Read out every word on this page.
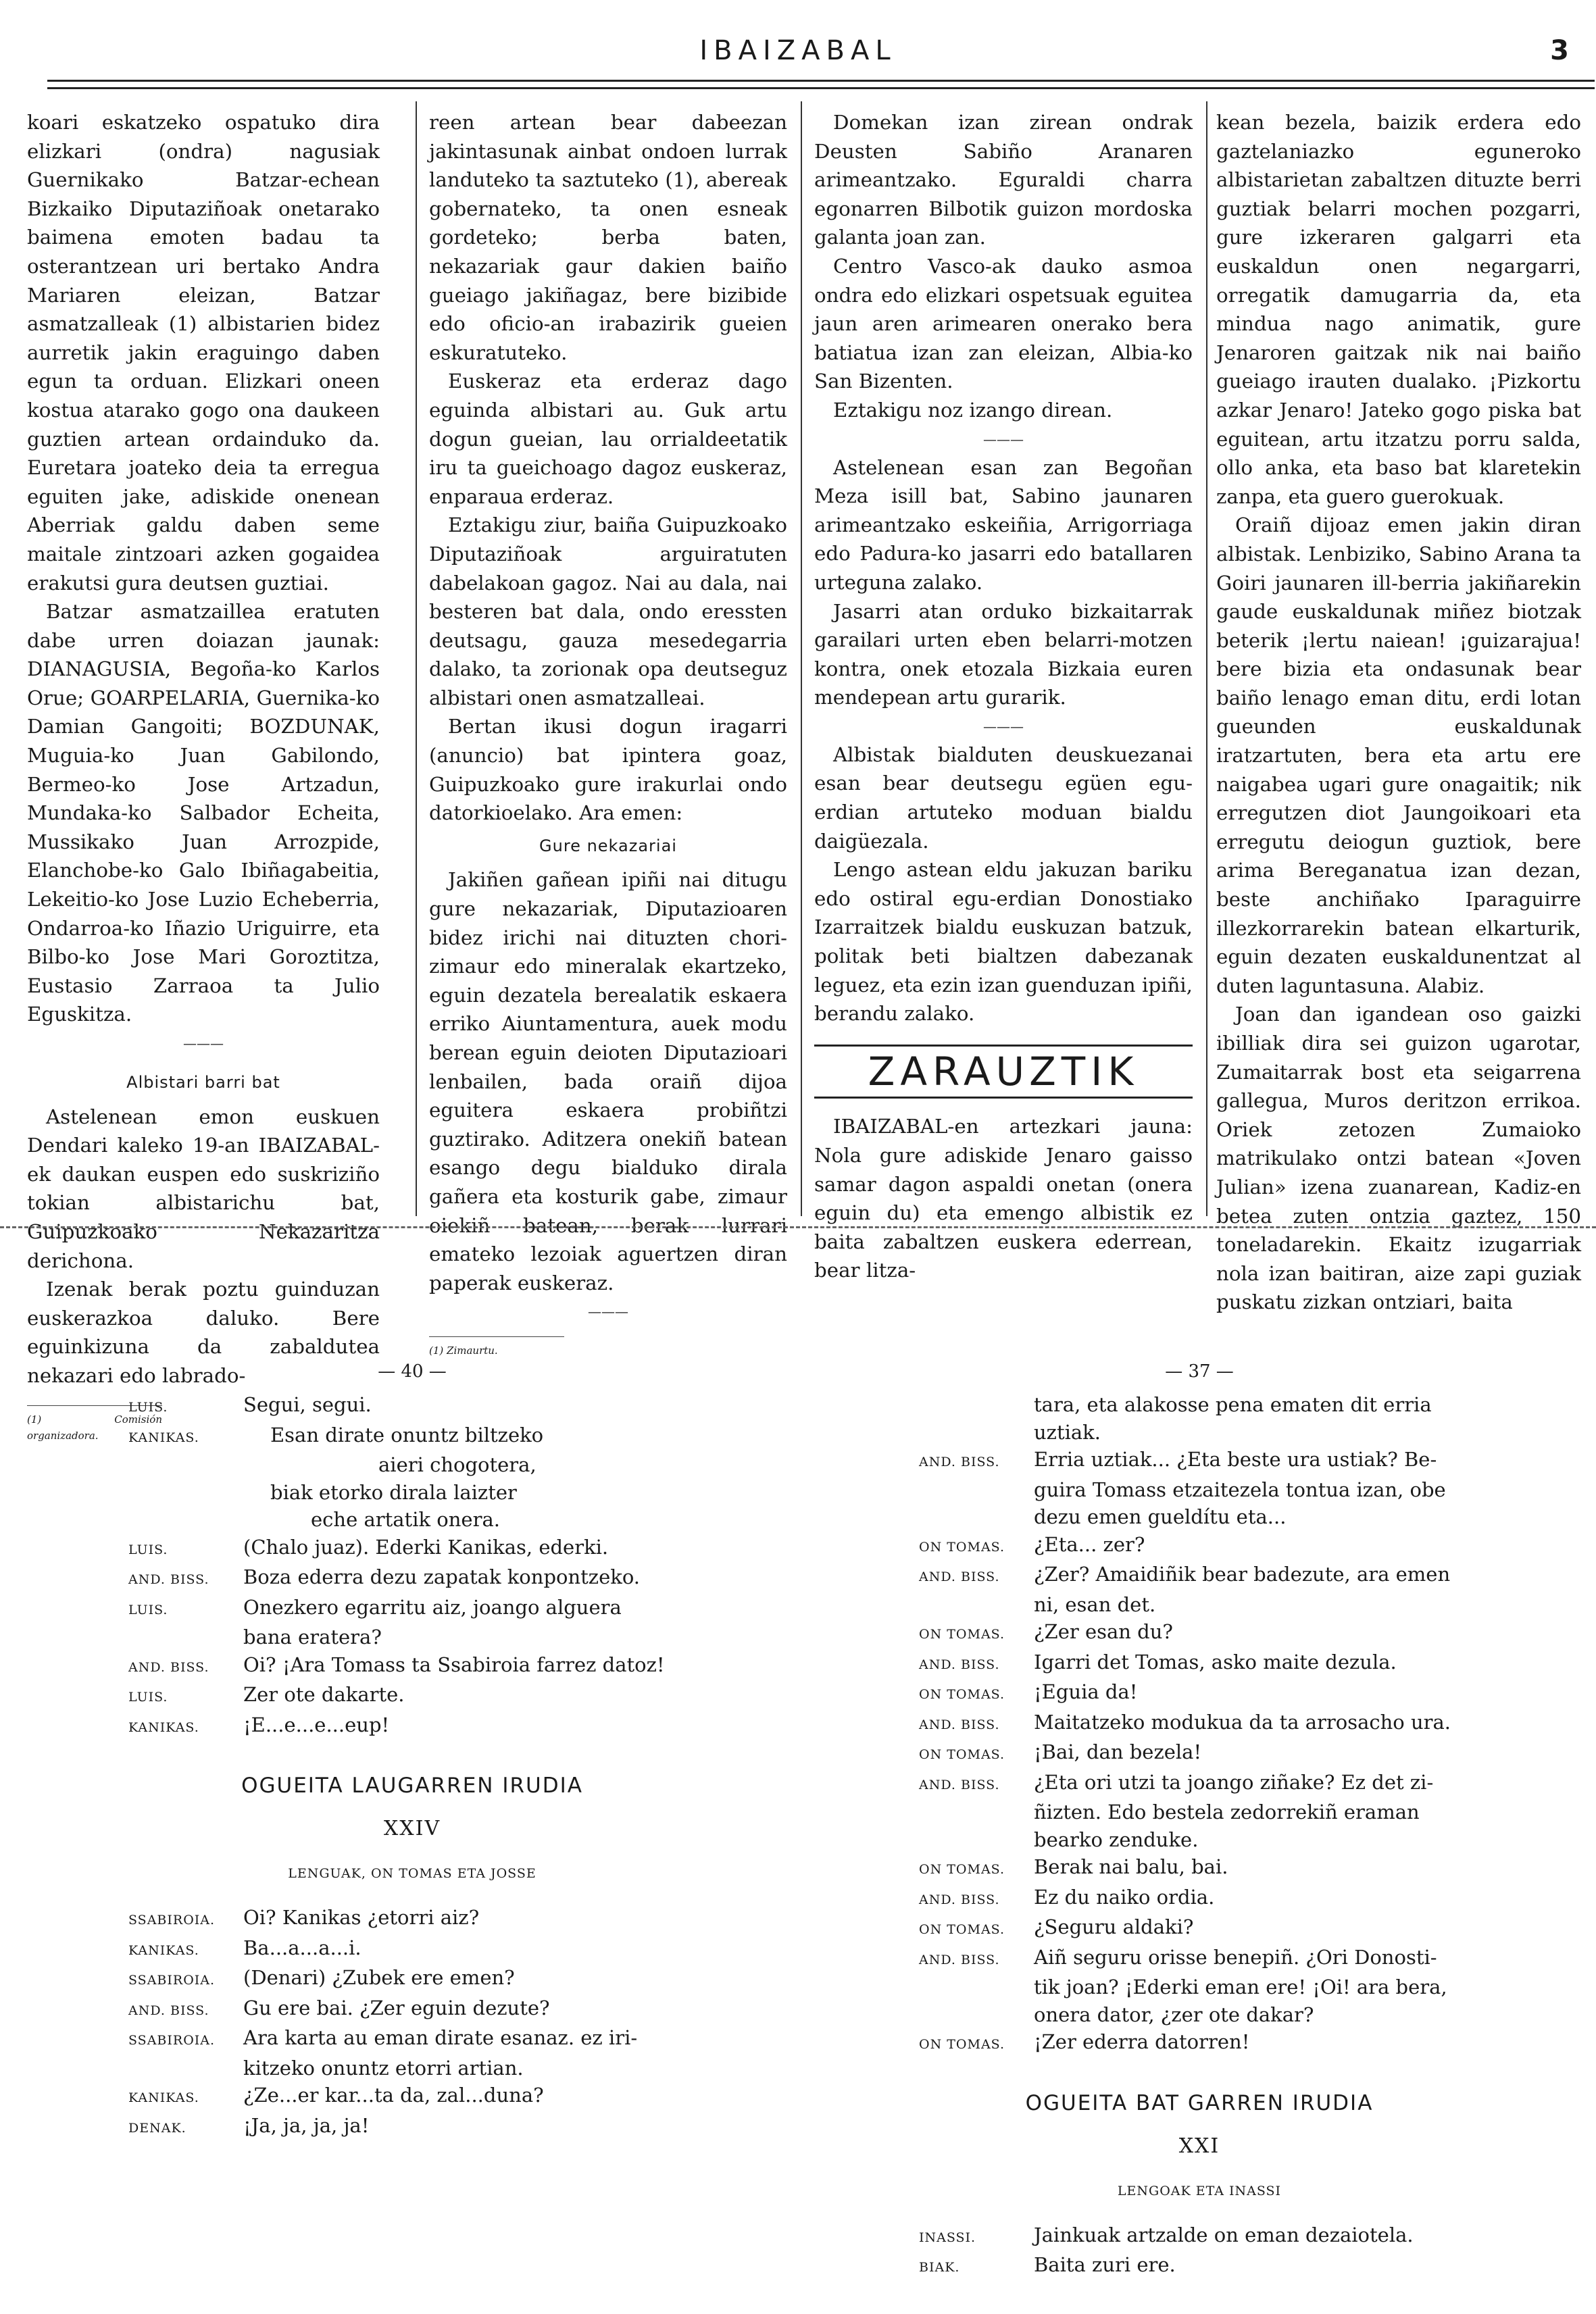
IBAIZABAL	3

koari eskatzeko ospatuko dira elizkari (ondra) nagusiak Guernikako Batzar-echean Bizkaiko Diputaziñoak onetarako baimena emoten badau ta osterantzean uri bertako Andra Mariaren eleizan, Batzar asmatzalleak (1) albistarien bidez aurretik jakin eraguingo daben egun ta orduan. Elizkari oneen kostua atarako gogo ona daukeen guztien artean ordainduko da. Euretara joateko deia ta erregua eguiten jake, adiskide onenean Aberriak galdu daben seme maitale zintzoari azken gogaidea erakutsi gura deutsen guztiai.

Batzar asmatzaillea eratuten dabe urren doiazan jaunak: DIANAGUSIA, Begoña-ko Karlos Orue; GOARPELARIA, Guernika-ko Damian Gangoiti; BOZDUNAK, Muguia-ko Juan Gabilondo, Bermeo-ko Jose Artzadun, Mundaka-ko Salbador Echeita, Mussikako Juan Arrozpide, Elanchobe-ko Galo Ibiñagabeitia, Lekeitio-ko Jose Luzio Echeberria, Ondarroa-ko Iñazio Uriguirre, eta Bilbo-ko Jose Mari Goroztitza, Eustasio Zarraoa ta Julio Eguskitza.

———
Albistari barri bat

Astelenean emon euskuen Dendari kaleko 19-an IBAIZABAL-ek daukan euspen edo suskriziño tokian albistarichu bat, Guipuzkoako Nekazaritza derichona.

Izenak berak poztu guinduzan euskerazkoa daluko. Bere eguinkizuna da zabaldutea nekazari edo labrado-

(1) Comisión organizadora.

reen artean bear dabeezan jakintasunak ainbat ondoen lurrak landuteko ta saztuteko (1), abereak gobernateko, ta onen esneak gordeteko; berba baten, nekazariak gaur dakien baiño gueiago jakiñagaz, bere bizibide edo oficio-an irabazirik gueien eskuratuteko.

Euskeraz eta erderaz dago eguinda albistari au. Guk artu dogun gueian, lau orrialdeetatik iru ta gueichoago dagoz euskeraz, enparaua erderaz.

Eztakigu ziur, baiña Guipuzkoako Diputaziñoak arguiratuten dabelakoan gagoz. Nai au dala, nai besteren bat dala, ondo eressten deutsagu, gauza mesedegarria dalako, ta zorionak opa deutseguz albistari onen asmatzalleai.

Bertan ikusi dogun iragarri (anuncio) bat ipintera goaz, Guipuzkoako gure irakurlai ondo datorkioelako. Ara emen:

Gure nekazariai

Jakiñen gañean ipiñi nai ditugu gure nekazariak, Diputazioaren bidez irichi nai dituzten chori-zimaur edo mineralak ekartzeko, eguin dezatela berealatik eskaera erriko Aiuntamentura, auek modu berean eguin deioten Diputazioari lenbailen, bada oraiñ dijoa eguitera eskaera probiñtzi guztirako. Aditzera onekiñ batean esango degu bialduko dirala gañera eta kosturik gabe, zimaur oiekiñ batean, berak lurrari emateko lezoiak aguertzen diran paperak euskeraz.

———
(1) Zimaurtu.

Domekan izan zirean ondrak Deusten Sabiño Aranaren arimeantzako. Eguraldi charra egonarren Bilbotik guizon mordoska galanta joan zan.

Centro Vasco-ak dauko asmoa ondra edo elizkari ospetsuak eguitea jaun aren arimearen onerako bera batiatua izan zan eleizan, Albia-ko San Bizenten.

Eztakigu noz izango direan.

———

Astelenean esan zan Begoñan Meza isill bat, Sabino jaunaren arimeantzako eskeiñia, Arrigorriaga edo Padura-ko jasarri edo batallaren urteguna zalako.

Jasarri atan orduko bizkaitarrak garailari urten eben belarri-motzen kontra, onek etozala Bizkaia euren mendepean artu gurarik.

———

Albistak bialduten deuskuezanai esan bear deutsegu egüen egu-erdian artuteko moduan bialdu daigüezala.

Lengo astean eldu jakuzan bariku edo ostiral egu-erdian Donostiako Izarraitzek bialdu euskuzan batzuk, politak beti bialtzen dabezanak leguez, eta ezin izan guenduzan ipiñi, berandu zalako.

ZARAUZTIK

IBAIZABAL-en artezkari jauna: Nola gure adiskide Jenaro gaisso samar dagon aspaldi onetan (onera eguin du) eta emengo albistik ez baita zabaltzen euskera ederrean, bear litza-

kean bezela, baizik erdera edo gaztelaniazko eguneroko albistarietan zabaltzen dituzte berri guztiak belarri mochen pozgarri, gure izkeraren galgarri eta euskaldun onen negargarri, orregatik damugarria da, eta mindua nago animatik, gure Jenaroren gaitzak nik nai baiño gueiago irauten dualako. ¡Pizkortu azkar Jenaro! Jateko gogo piska bat eguitean, artu itzatzu porru salda, ollo anka, eta baso bat klaretekin zanpa, eta guero guerokuak.

Oraiñ dijoaz emen jakin diran albistak. Lenbiziko, Sabino Arana ta Goiri jaunaren ill-berria jakiñarekin gaude euskaldunak miñez biotzak beterik ¡lertu naiean! ¡guizarajua! bere bizia eta ondasunak bear baiño lenago eman ditu, erdi lotan gueunden euskaldunak iratzartuten, bera eta artu ere naigabea ugari gure onagaitik; nik erregutzen diot Jaungoikoari eta erregutu deiogun guztiok, bere arima Bereganatua izan dezan, beste anchiñako Iparaguirre illezkorrarekin batean elkarturik, eguin dezaten euskaldunentzat al duten laguntasuna. Alabiz.

Joan dan igandean oso gaizki ibilliak dira sei guizon ugarotar, Zumaitarrak bost eta seigarrena gallegua, Muros deritzon errikoa. Oriek zetozen Zumaioko matrikulako ontzi batean «Joven Julian» izena zuanarean, Kadiz-en betea zuten ontzia gaztez, 150 toneladarekin. Ekaitz izugarriak nola izan baitiran, aize zapi guziak puskatu zizkan ontziari, baita

— 40 —
LUIS.	Segui, segui.
KANIKAS.	Esan dirate onuntz biltzeko
aieri chogotera,
biak etorko dirala laizter
eche artatik onera.
LUIS.	(Chalo juaz). Ederki Kanikas, ederki.
AND. BISS.	Boza ederra dezu zapatak konpontzeko.
LUIS.	Onezkero egarritu aiz, joango alguera
bana eratera?
AND. BISS.	Oi? ¡Ara Tomass ta Ssabiroia farrez datoz!
LUIS.	Zer ote dakarte.
KANIKAS.	¡E...e...e...eup!
OGUEITA LAUGARREN IRUDIA
XXIV
LENGUAK, ON TOMAS ETA JOSSE
SSABIROIA.	Oi? Kanikas ¿etorri aiz?
KANIKAS.	Ba...a...a...i.
SSABIROIA.	(Denari) ¿Zubek ere emen?
AND. BISS.	Gu ere bai. ¿Zer eguin dezute?
SSABIROIA.	Ara karta au eman dirate esanaz. ez iri-
kitzeko onuntz etorri artian.
KANIKAS.	¿Ze...er kar...ta da, zal...duna?
DENAK.	¡Ja, ja, ja, ja!
— 37 —
tara, eta alakosse pena ematen dit erria
uztiak.
AND. BISS.	Erria uztiak... ¿Eta beste ura ustiak? Be-
guira Tomass etzaitezela tontua izan, obe
dezu emen gueldítu eta...
ON TOMAS.	¿Eta... zer?
AND. BISS.	¿Zer? Amaidiñik bear badezute, ara emen
ni, esan det.
ON TOMAS.	¿Zer esan du?
AND. BISS.	Igarri det Tomas, asko maite dezula.
ON TOMAS.	¡Eguia da!
AND. BISS.	Maitatzeko modukua da ta arrosacho ura.
ON TOMAS.	¡Bai, dan bezela!
AND. BISS.	¿Eta ori utzi ta joango ziñake? Ez det zi-
ñizten. Edo bestela zedorrekiñ eraman
bearko zenduke.
ON TOMAS.	Berak nai balu, bai.
AND. BISS.	Ez du naiko ordia.
ON TOMAS.	¿Seguru aldaki?
AND. BISS.	Aiñ seguru orisse benepiñ. ¿Ori Donosti-
tik joan? ¡Ederki eman ere! ¡Oi! ara bera,
onera dator, ¿zer ote dakar?
ON TOMAS.	¡Zer ederra datorren!
OGUEITA BAT GARREN IRUDIA
XXI
LENGOAK ETA INASSI
INASSI.	Jainkuak artzalde on eman dezaiotela.
BIAK.	Baita zuri ere.
